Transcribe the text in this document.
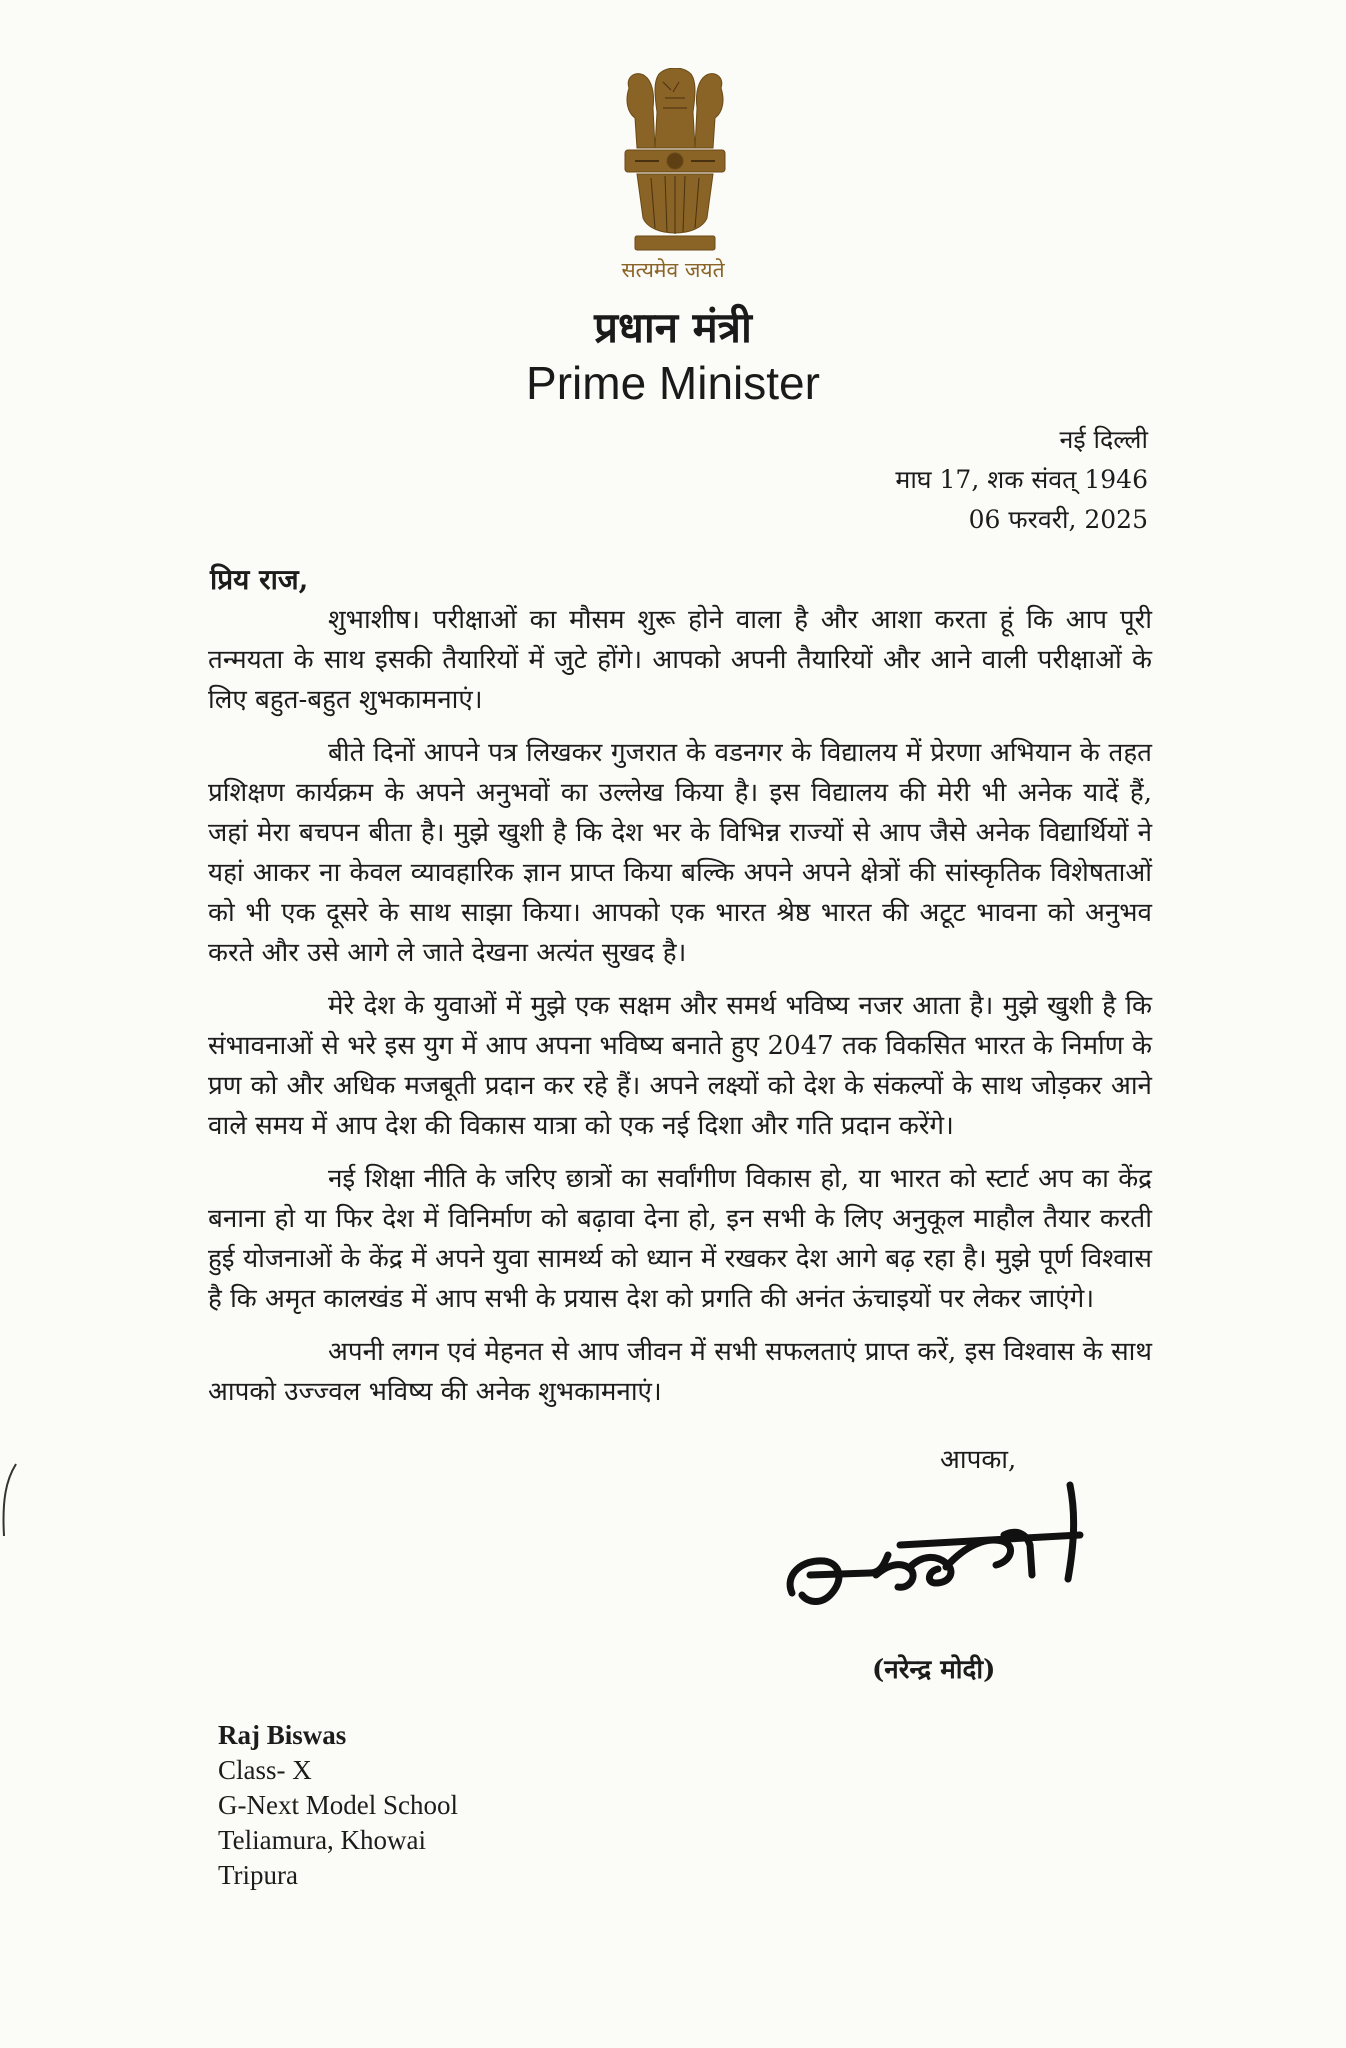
सत्यमेव जयते
प्रधान मंत्री
Prime Minister
नई दिल्ली
माघ 17, शक संवत् 1946
06 फरवरी, 2025
प्रिय राज,

शुभाशीष। परीक्षाओं का मौसम शुरू होने वाला है और आशा करता हूं कि आप पूरी तन्मयता के साथ इसकी तैयारियों में जुटे होंगे। आपको अपनी तैयारियों और आने वाली परीक्षाओं के लिए बहुत-बहुत शुभकामनाएं।

बीते दिनों आपने पत्र लिखकर गुजरात के वडनगर के विद्यालय में प्रेरणा अभियान के तहत प्रशिक्षण कार्यक्रम के अपने अनुभवों का उल्लेख किया है। इस विद्यालय की मेरी भी अनेक यादें हैं, जहां मेरा बचपन बीता है। मुझे खुशी है कि देश भर के विभिन्न राज्यों से आप जैसे अनेक विद्यार्थियों ने यहां आकर ना केवल व्यावहारिक ज्ञान प्राप्त किया बल्कि अपने अपने क्षेत्रों की सांस्कृतिक विशेषताओं को भी एक दूसरे के साथ साझा किया। आपको एक भारत श्रेष्ठ भारत की अटूट भावना को अनुभव करते और उसे आगे ले जाते देखना अत्यंत सुखद है।

मेरे देश के युवाओं में मुझे एक सक्षम और समर्थ भविष्य नजर आता है। मुझे खुशी है कि संभावनाओं से भरे इस युग में आप अपना भविष्य बनाते हुए 2047 तक विकसित भारत के निर्माण के प्रण को और अधिक मजबूती प्रदान कर रहे हैं। अपने लक्ष्यों को देश के संकल्पों के साथ जोड़कर आने वाले समय में आप देश की विकास यात्रा को एक नई दिशा और गति प्रदान करेंगे।

नई शिक्षा नीति के जरिए छात्रों का सर्वांगीण विकास हो, या भारत को स्टार्ट अप का केंद्र बनाना हो या फिर देश में विनिर्माण को बढ़ावा देना हो, इन सभी के लिए अनुकूल माहौल तैयार करती हुई योजनाओं के केंद्र में अपने युवा सामर्थ्य को ध्यान में रखकर देश आगे बढ़ रहा है। मुझे पूर्ण विश्वास है कि अमृत कालखंड में आप सभी के प्रयास देश को प्रगति की अनंत ऊंचाइयों पर लेकर जाएंगे।

अपनी लगन एवं मेहनत से आप जीवन में सभी सफलताएं प्राप्त करें, इस विश्वास के साथ आपको उज्ज्वल भविष्य की अनेक शुभकामनाएं।

आपका,
(नरेन्द्र मोदी)
Raj Biswas
Class- X
G-Next Model School
Teliamura, Khowai
Tripura
